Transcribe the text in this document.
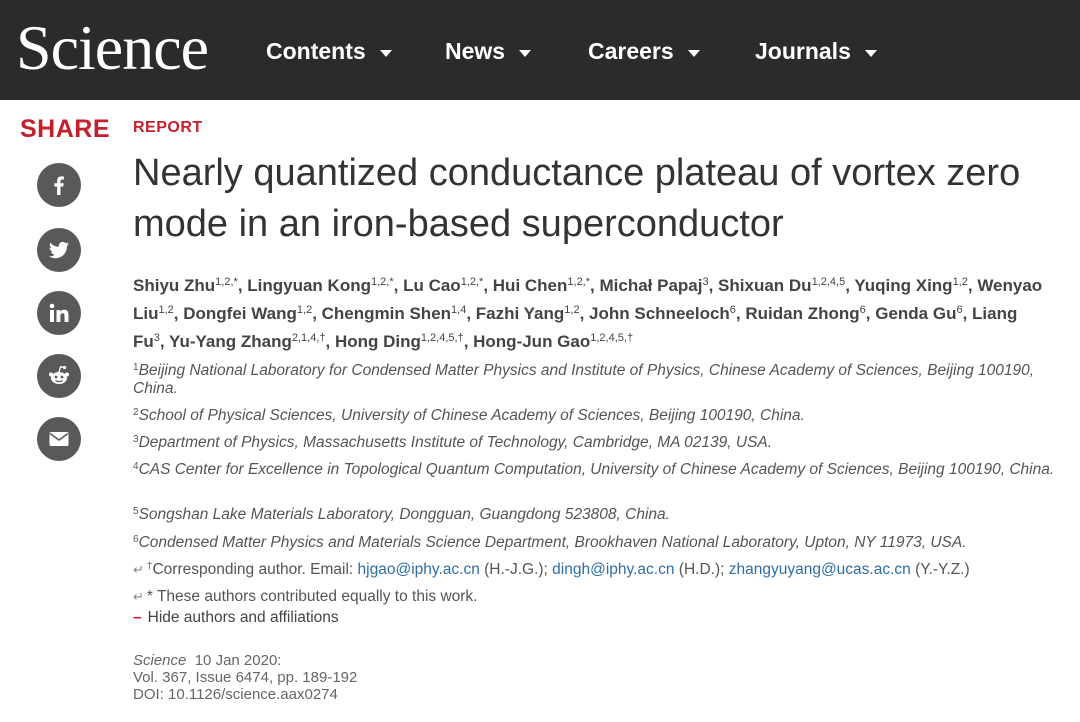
Science	Contents	News	Careers	Journals
SHARE REPORT
Nearly quantized conductance plateau of vortex zero mode in an iron-based superconductor
Shiyu Zhu$^{1,2,*}$, Lingyuan Kong$^{1,2,*}$, Lu Cao$^{1,2,*}$, Hui Chen$^{1,2,*}$, Michał Papaj$^3$, Shixuan Du$^{1,2,4,5}$, Yuqing Xing$^{1,2}$, Wenyao Liu$^{1,2}$, Dongfei Wang$^{1,2}$, Chengmin Shen$^{1,4}$, Fazhi Yang$^{1,2}$, John Schneeloch$^6$, Ruidan Zhong$^6$, Genda Gu$^6$, Liang Fu$^3$, Yu-Yang Zhang$^{2,1,4,\dagger}$, Hong Ding$^{1,2,4,5,\dagger}$, Hong-Jun Gao$^{1,2,4,5,\dagger}$
$^1$Beijing National Laboratory for Condensed Matter Physics and Institute of Physics, Chinese Academy of Sciences, Beijing 100190, China.
$^2$School of Physical Sciences, University of Chinese Academy of Sciences, Beijing 100190, China.
$^3$Department of Physics, Massachusetts Institute of Technology, Cambridge, MA 02139, USA.
$^4$CAS Center for Excellence in Topological Quantum Computation, University of Chinese Academy of Sciences, Beijing 100190, China.
$^5$Songshan Lake Materials Laboratory, Dongguan, Guangdong 523808, China.
$^6$Condensed Matter Physics and Materials Science Department, Brookhaven National Laboratory, Upton, NY 11973, USA.
↵ †Corresponding author. Email: hjgao@iphy.ac.cn (H.-J.G.); dingh@iphy.ac.cn (H.D.); zhangyuyang@ucas.ac.cn (Y.-Y.Z.)
↵ * These authors contributed equally to this work.
– Hide authors and affiliations
Science 10 Jan 2020:
Vol. 367, Issue 6474, pp. 189-192
DOI: 10.1126/science.aax0274
